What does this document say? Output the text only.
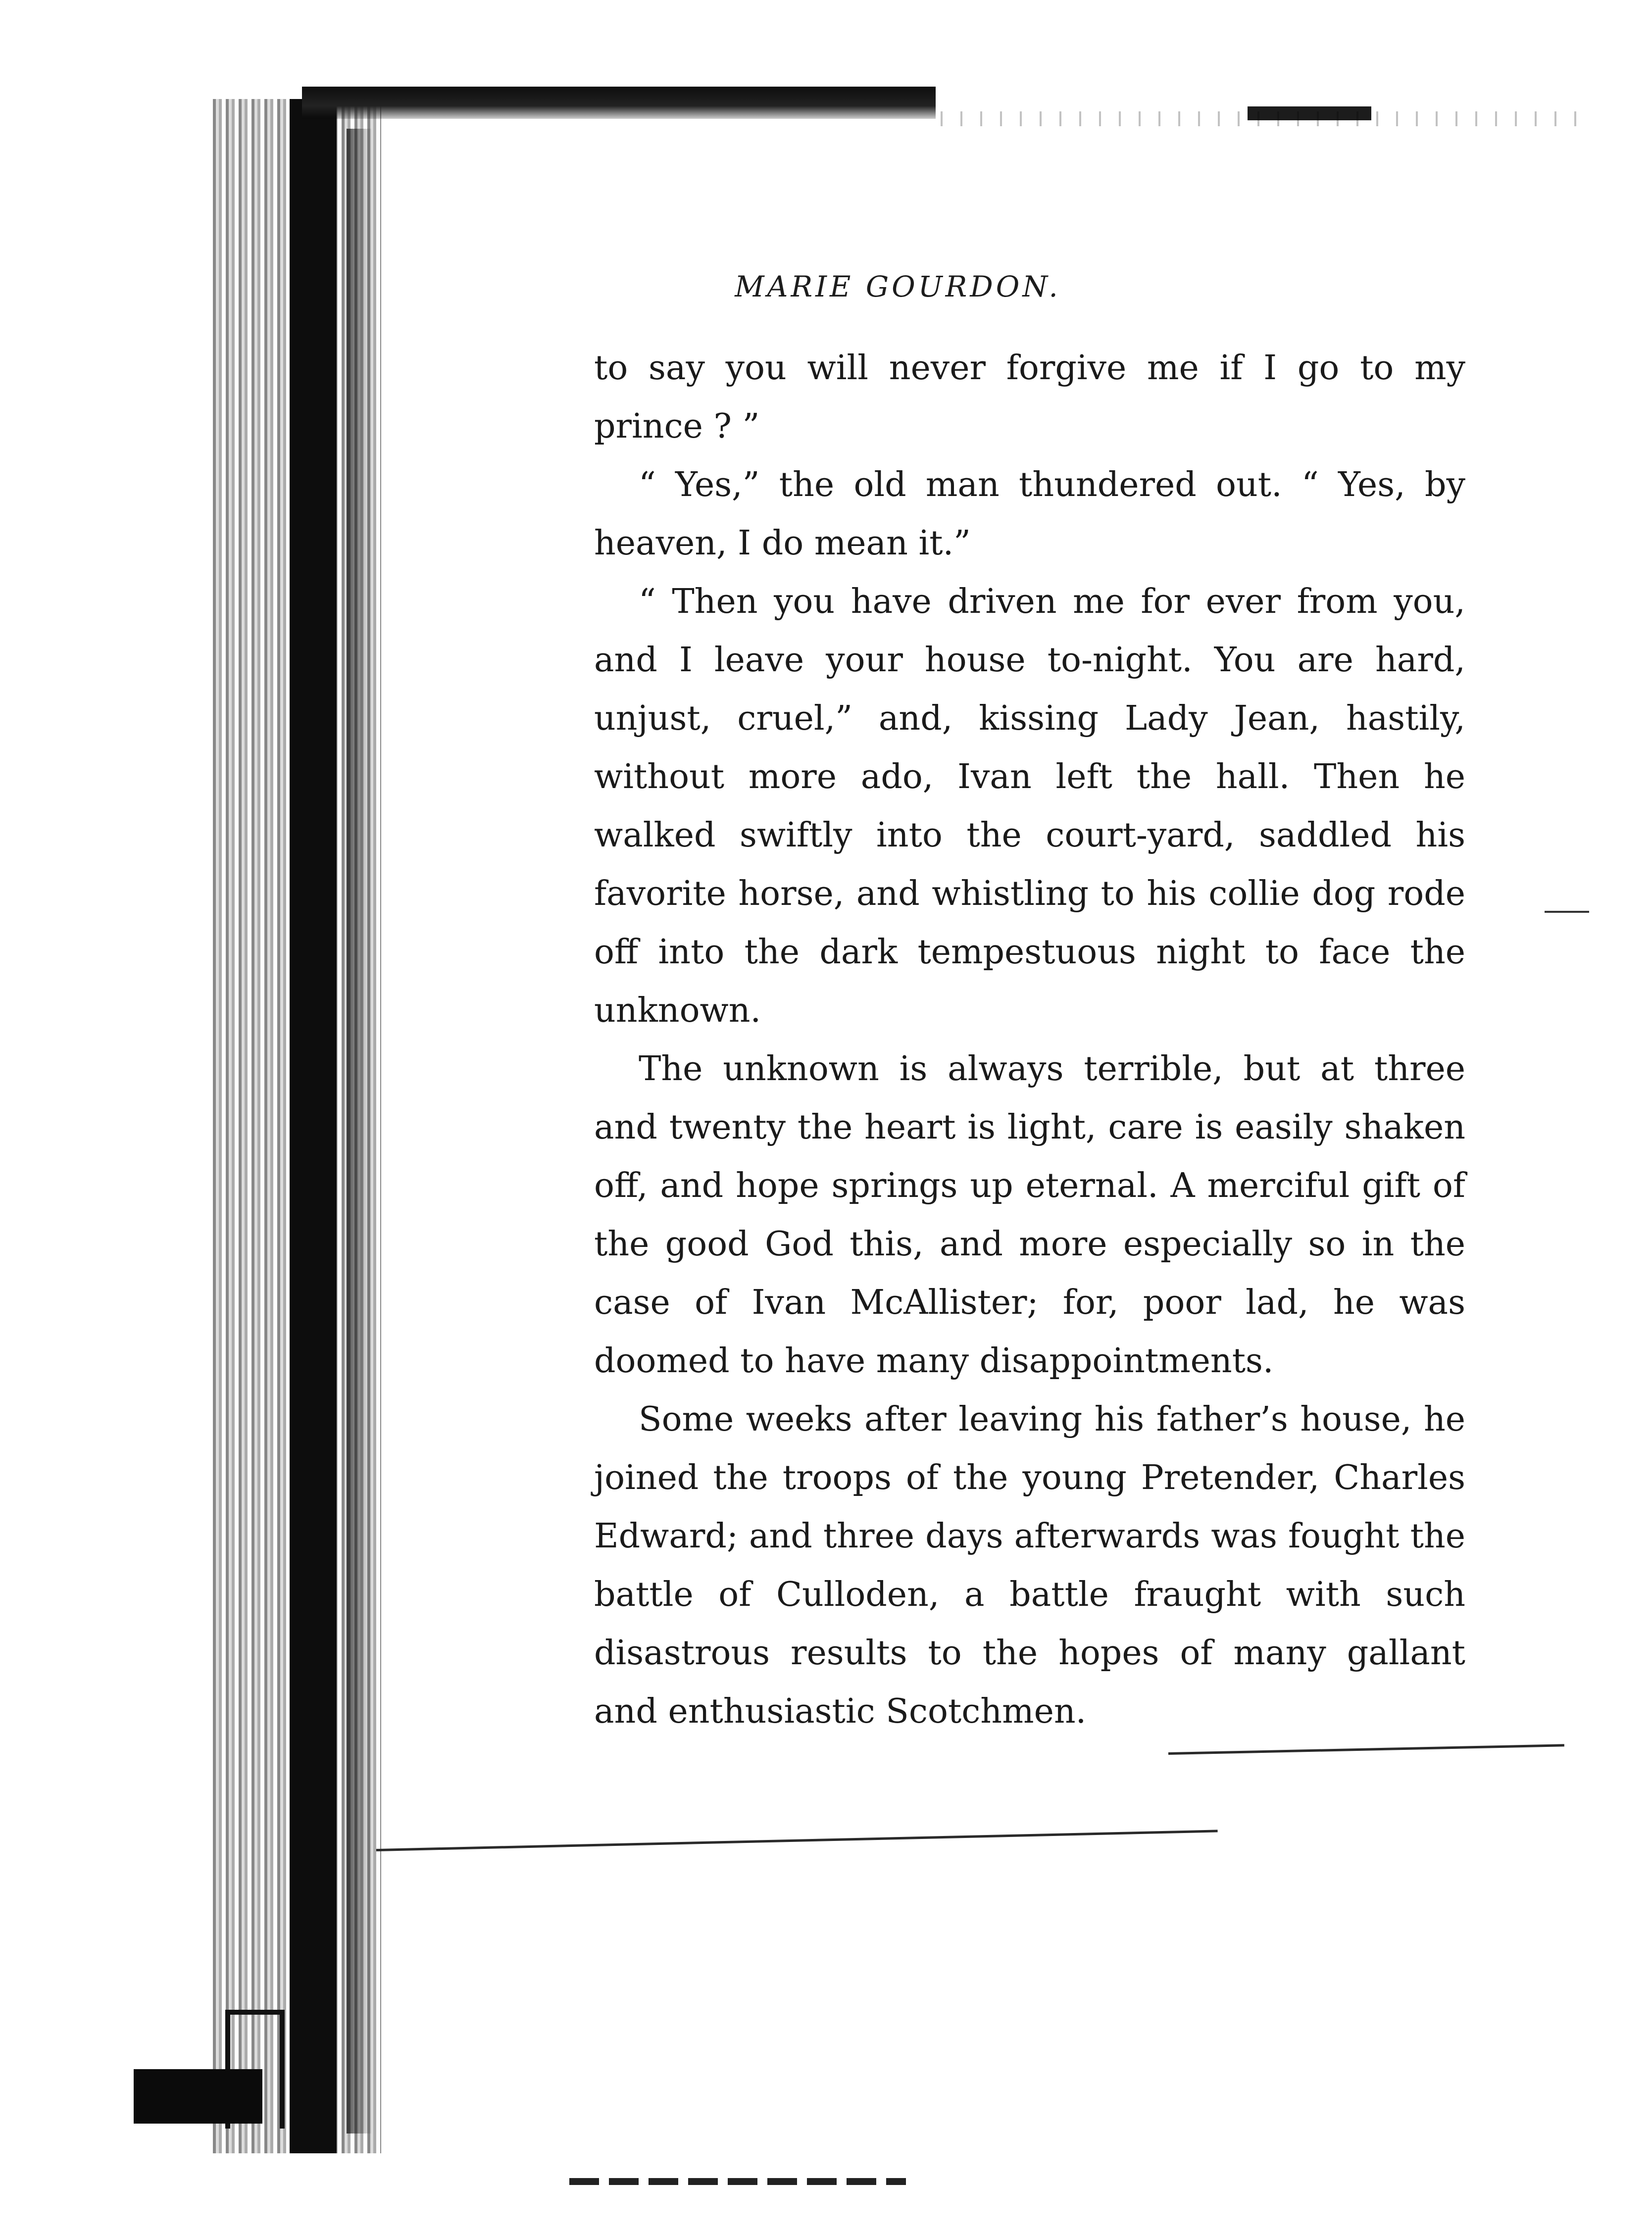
MARIE GOURDON.

to say you will never forgive me if I go to my prince ? ”

“ Yes,” the old man thundered out. “ Yes, by heaven, I do mean it.”

“ Then you have driven me for ever from you, and I leave your house to-night. You are hard, unjust, cruel,” and, kissing Lady Jean, hastily, without more ado, Ivan left the hall. Then he walked swiftly into the court-yard, saddled his favorite horse, and whistling to his collie dog rode off into the dark tempestuous night to face the unknown.

The unknown is always terrible, but at three and twenty the heart is light, care is easily shaken off, and hope springs up eternal. A merciful gift of the good God this, and more especially so in the case of Ivan McAllister; for, poor lad, he was doomed to have many disappointments.

Some weeks after leaving his father’s house, he joined the troops of the young Pretender, Charles Edward; and three days afterwards was fought the battle of Culloden, a battle fraught with such disastrous results to the hopes of many gallant and enthusiastic Scotchmen.
